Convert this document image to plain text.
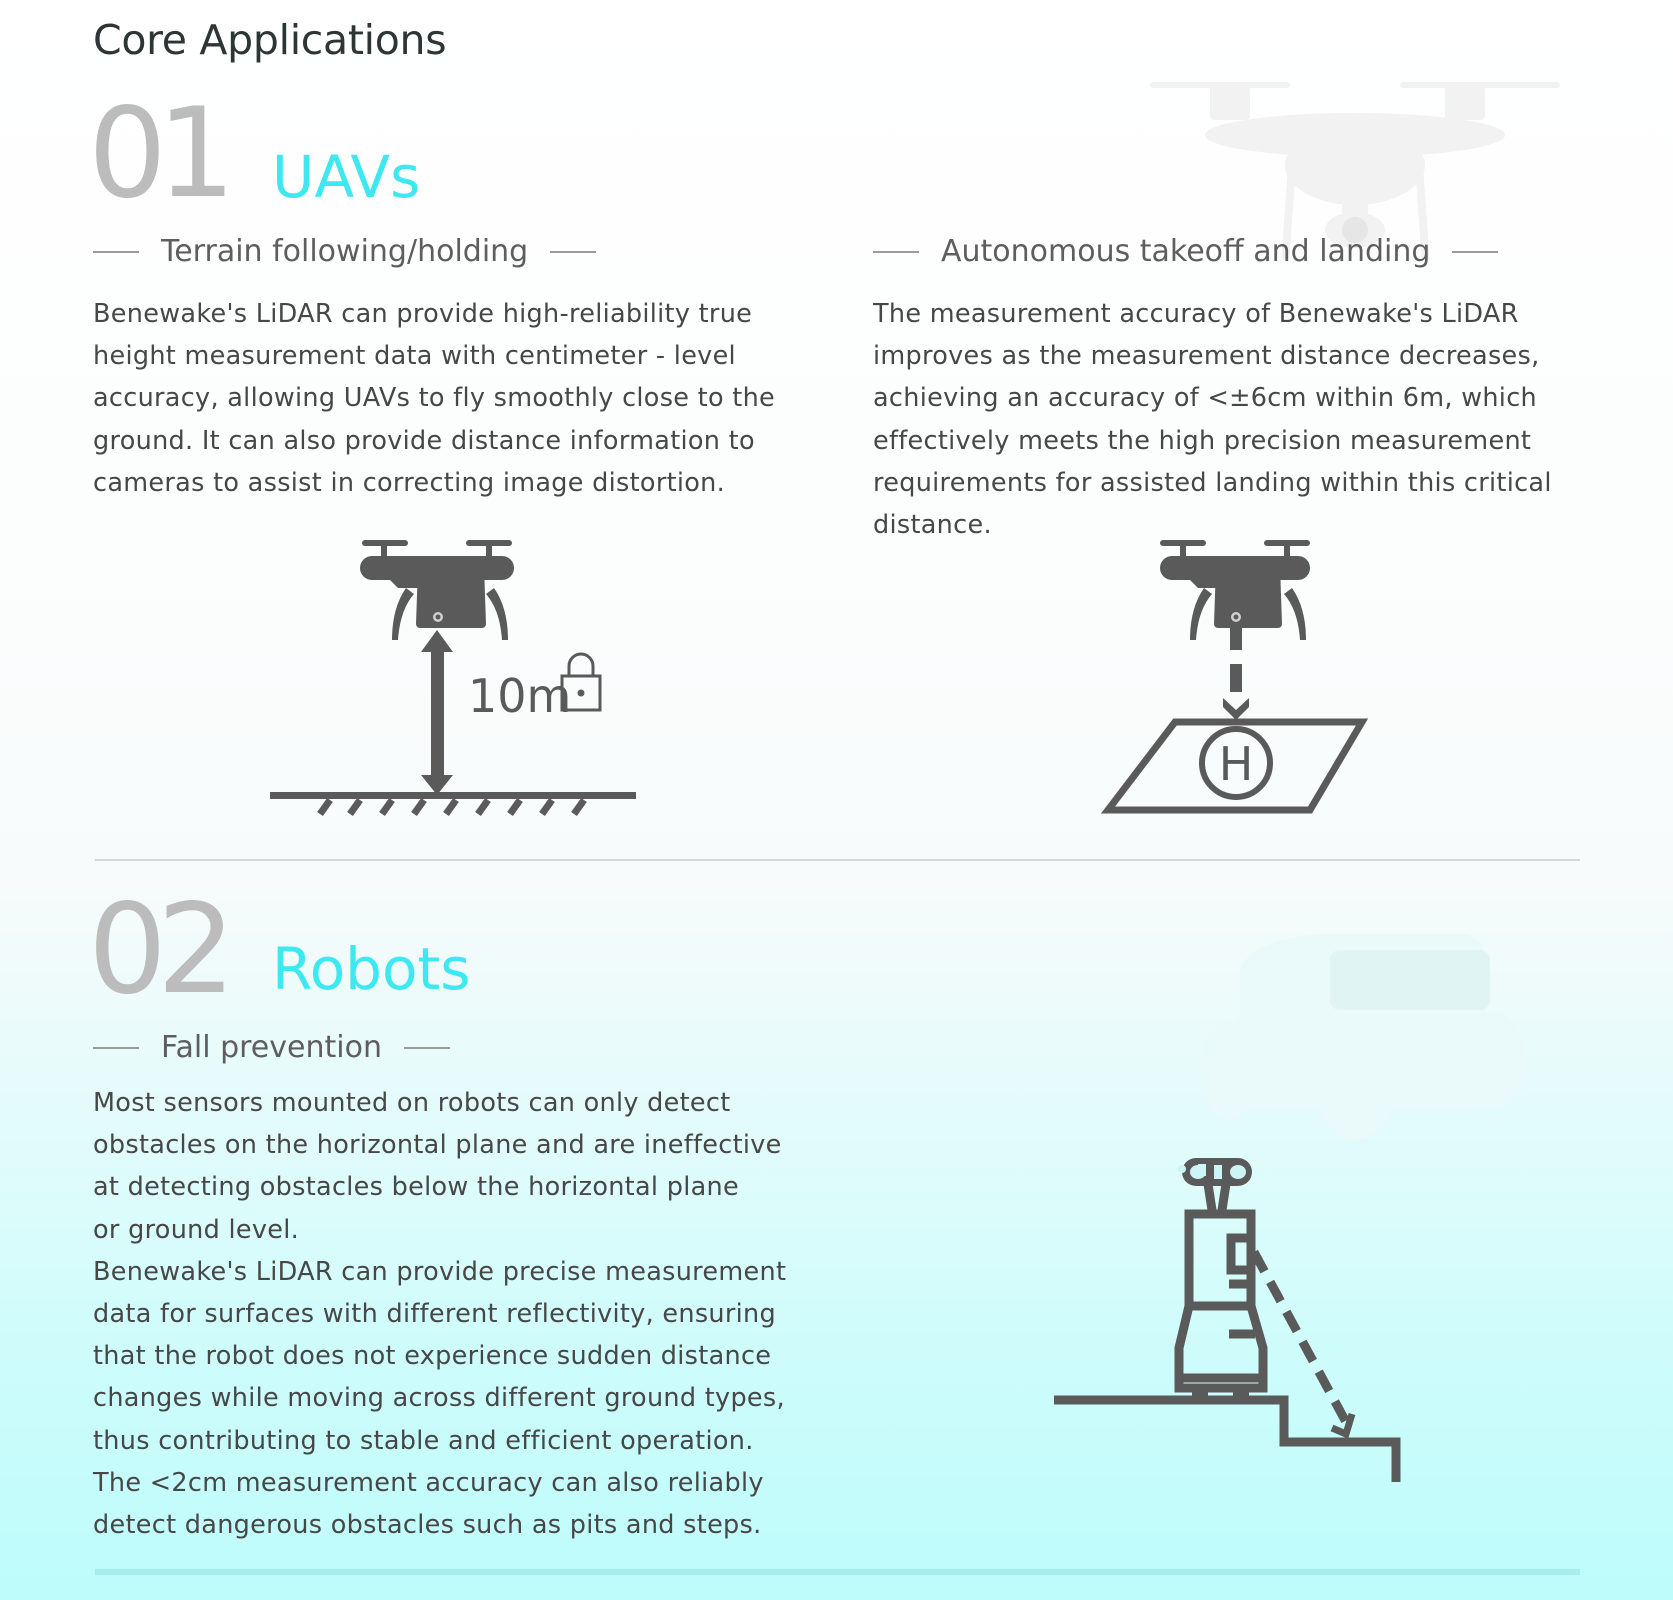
Core Applications
01 UAVs
Terrain following/holding
Benewake's LiDAR can provide high-reliability true
height measurement data with centimeter - level
accuracy, allowing UAVs to fly smoothly close to the
ground. It can also provide distance information to
cameras to assist in correcting image distortion.
Autonomous takeoff and landing
The measurement accuracy of Benewake's LiDAR
improves as the measurement distance decreases,
achieving an accuracy of <±6cm within 6m, which
effectively meets the high precision measurement
requirements for assisted landing within this critical
distance.
10m
H
02 Robots
Fall prevention
Most sensors mounted on robots can only detect
obstacles on the horizontal plane and are ineffective
at detecting obstacles below the horizontal plane
or ground level.
Benewake's LiDAR can provide precise measurement
data for surfaces with different reflectivity, ensuring
that the robot does not experience sudden distance
changes while moving across different ground types,
thus contributing to stable and efficient operation.
The <2cm measurement accuracy can also reliably
detect dangerous obstacles such as pits and steps.
